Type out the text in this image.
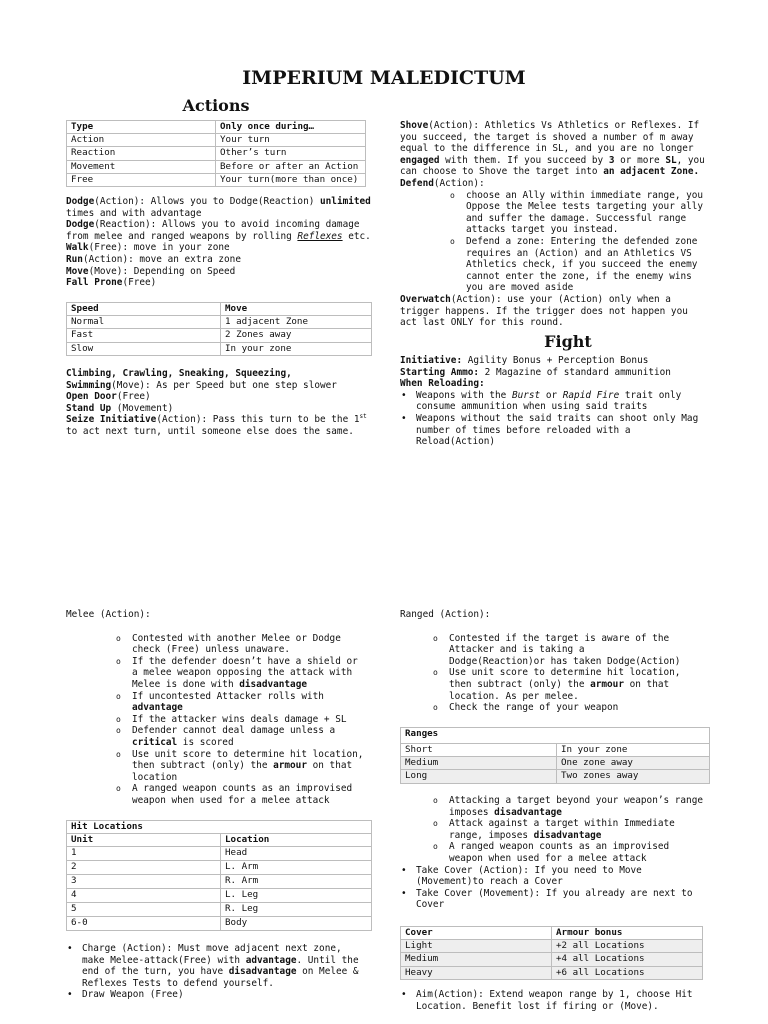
IMPERIUM MALEDICTUM
Actions
Type	Only once during…
Action	Your turn
Reaction	Other’s turn
Movement	Before or after an Action
Free	Your turn(more than once)

Dodge(Action): Allows you to Dodge(Reaction) unlimited times and with advantage

Dodge(Reaction): Allows you to avoid incoming damage from melee and ranged weapons by rolling Reflexes etc.

Walk(Free): move in your zone

Run(Action): move an extra zone

Move(Move): Depending on Speed

Fall Prone(Free)

Speed	Move
Normal	1 adjacent Zone
Fast	2 Zones away
Slow	In your zone

Climbing, Crawling, Sneaking, Squeezing,

Swimming(Move): As per Speed but one step slower

Open Door(Free)

Stand Up (Movement)

Seize Initiative(Action): Pass this turn to be the 1st to act next turn, until someone else does the same.

Shove(Action): Athletics Vs Athletics or Reflexes. If you succeed, the target is shoved a number of m away equal to the difference in SL, and you are no longer engaged with them. If you succeed by 3 or more SL, you can choose to Shove the target into an adjacent Zone.

Defend(Action):

o choose an Ally within immediate range, you Oppose the Melee tests targeting your ally and suffer the damage. Successful range attacks target you instead.
o Defend a zone: Entering the defended zone requires an (Action) and an Athletics VS Athletics check, if you succeed the enemy cannot enter the zone, if the enemy wins you are moved aside

Overwatch(Action): use your (Action) only when a trigger happens. If the trigger does not happen you act last ONLY for this round.

Fight

Initiative: Agility Bonus + Perception Bonus

Starting Ammo: 2 Magazine of standard ammunition

When Reloading:

• Weapons with the Burst or Rapid Fire trait only consume ammunition when using said traits
• Weapons without the said traits can shoot only Mag number of times before reloaded with a Reload(Action)

Melee (Action):

o Contested with another Melee or Dodge check (Free) unless unaware.
o If the defender doesn’t have a shield or a melee weapon opposing the attack with Melee is done with disadvantage
o If uncontested Attacker rolls with advantage
o If the attacker wins deals damage + SL
o Defender cannot deal damage unless a critical is scored
o Use unit score to determine hit location, then subtract (only) the armour on that location
o A ranged weapon counts as an improvised weapon when used for a melee attack
Hit Locations	
Unit	Location
1	Head
2	L. Arm
3	R. Arm
4	L. Leg
5	R. Leg
6-0	Body
• Charge (Action): Must move adjacent next zone, make Melee-attack(Free) with advantage. Until the end of the turn, you have disadvantage on Melee & Reflexes Tests to defend yourself.
• Draw Weapon (Free)

Ranged (Action):

o Contested if the target is aware of the Attacker and is taking a Dodge(Reaction)or has taken Dodge(Action)
o Use unit score to determine hit location, then subtract (only) the armour on that location. As per melee.
o Check the range of your weapon
Ranges	
Short	In your zone
Medium	One zone away
Long	Two zones away
o Attacking a target beyond your weapon’s range imposes disadvantage
o Attack against a target within Immediate range, imposes disadvantage
o A ranged weapon counts as an improvised weapon when used for a melee attack
• Take Cover (Action): If you need to Move (Movement)to reach a Cover
• Take Cover (Movement): If you already are next to Cover
Cover	Armour bonus
Light	+2 all Locations
Medium	+4 all Locations
Heavy	+6 all Locations
• Aim(Action): Extend weapon range by 1, choose Hit Location. Benefit lost if firing or (Move).
